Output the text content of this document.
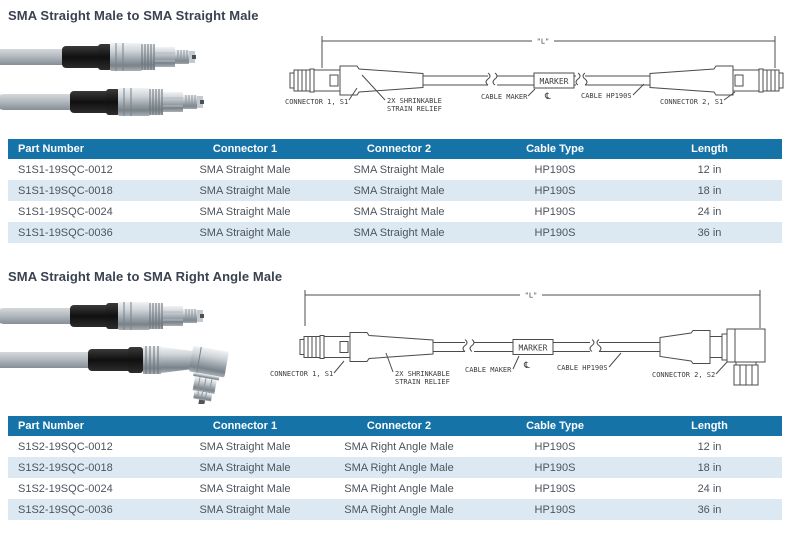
SMA Straight Male to SMA Straight Male
"L"
MARKER
℄
CONNECTOR 1, S1	2X SHRINKABLE
STRAIN RELIEF
CABLE MAKER	CABLE HP190S
CONNECTOR 2, S1
Part Number	Connector 1	Connector 2	Cable Type	Length
S1S1-19SQC-0012	SMA Straight Male	SMA Straight Male	HP190S	12 in
S1S1-19SQC-0018	SMA Straight Male	SMA Straight Male	HP190S	18 in
S1S1-19SQC-0024	SMA Straight Male	SMA Straight Male	HP190S	24 in
S1S1-19SQC-0036	SMA Straight Male	SMA Straight Male	HP190S	36 in
SMA Straight Male to SMA Right Angle Male
"L"
MARKER
℄
CONNECTOR 1, S1	2X SHRINKABLE
STRAIN RELIEF
CABLE MAKER	CABLE HP190S
CONNECTOR 2, S2
Part Number	Connector 1	Connector 2	Cable Type	Length
S1S2-19SQC-0012	SMA Straight Male	SMA Right Angle Male	HP190S	12 in
S1S2-19SQC-0018	SMA Straight Male	SMA Right Angle Male	HP190S	18 in
S1S2-19SQC-0024	SMA Straight Male	SMA Right Angle Male	HP190S	24 in
S1S2-19SQC-0036	SMA Straight Male	SMA Right Angle Male	HP190S	36 in
